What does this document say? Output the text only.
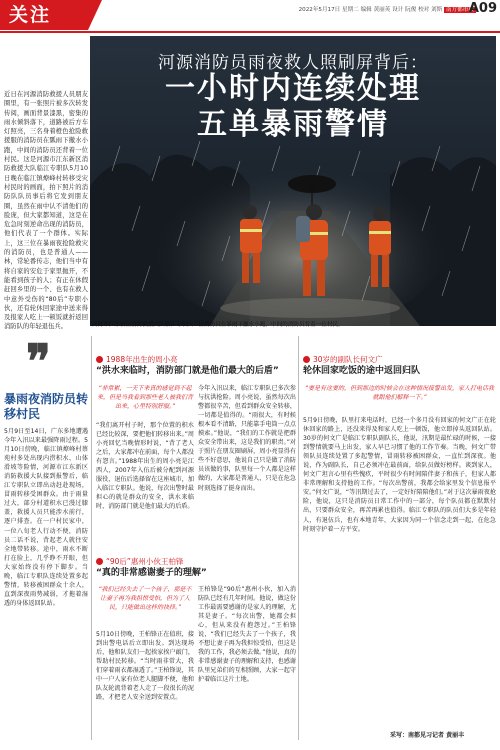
关注	2022年5月17日 星期二 编辑 黄丽英 设计 阮俊 校对 刘斯 南方都市报
A09
近日在河源消防救援人员朋友圈里，有一张照片被多次转发传阅，画面背景漆黑，密集的雨水倾斜落下，道路被后方车灯照亮，三名身着橙色抢险救援服的消防员在瓢雨下撤水小跑，中间的消防员还背着一位村民。这是河源市江东新区消防救援大队临江专职队5月10日晚在临江镇燎峰村转移受灾村民时的画面，拍下照片的消防队队员事后将它发到朋友圈，虽然在雨中认不清他们的脸庞，但大家都知道，这是在危急时刻逆命出现的消防员，他们代表了一个群体。实际上，这三位在暴雨夜抢险救灾的消防员，也是普通人——林，常轮番传志，他们当中有将自家的安危于家里抛开，不能看到孩子的人；有正在休假赶回乡里的一个、也有在救人中意外受伤的“80后”专职小伙，还有轮休回家途中送来得及报家人吃上一顿饭就折返回消防队的年轻退伍兵。
河源消防员雨夜救人照刷屏背后：
一小时内连续处理
五单暴雨警情
河源市江东新区消防救援大队临江专职队三位消防员在暴雨下撤水小跑，中间的消防员背着一位村民。
❞
暴雨夜消防员转移村民
5月9日至14日，广东多地遭遇今年入汛以来最强降雨过程。5月10日傍晚，临江镇燎峰村蔡苑村多处出现内涝积水、山体滑坡等险情，河源市江东新区消防救援大队接到报警后，临江专职队立即出动赶赴现场，冒雨转移受困群众。由于雨量过大，部分村道积水已漫过膝盖，救援人员只能涉水前行，逐户排查。在一户村民家中，一位八旬老人行动不便，消防员二话不说，背起老人就往安全地带转移。途中，雨水不断打在脸上，几乎睁不开眼，但大家始终没有停下脚步。当晚，临江专职队连续处置多起警情，转移被困群众十余人，直到深夜雨势减弱，才拖着湿透的身体返回队站。
1988年出生的周小亮
“洪水来临时，消防部门就是他们最大的后盾”
“非常累，一天下来真的感觉到不起来，但是当我看到那些老人被我们背出来，心里特别舒服。”
“我们离开村子时，那个位置的积水已经比较深，要把他们转移出来。”周小亮回忆当晚情形时说，“背了老人之后，大家都冲在前面，每个人都没有怨言。”1988年出生的周小亮是江西人，2007年入伍后被分配到河源服役，退伍后选择留在这座城市，加入临江专职队。他说，每次出警时最担心的就是群众的安全，洪水来临时，消防部门就是他们最大的后盾。
今年入汛以来，临江专职队已多次参与抗洪抢险。周小亮说，虽然每次出警都很辛苦，但看到群众安全转移，一切都是值得的。“雨很大，有时候根本看不清路，只能靠手电筒一点点摸索。”他说，“我们的工作就是把群众安全带出来，这是我们的职责。”对于照片在朋友圈刷屏，周小亮显得有些不好意思，他说自己只是做了消防员该做的事，队里每一个人都是这样做的，大家都是普通人，只是在危急时刻选择了挺身而出。
“90后”惠州小伙王柏锋
“真的非常感谢妻子的理解”
“我们已经失去了一个孩子，那是不让妻子再为我担惊受怕，但为了人民，只能做出这样的抉择。”
5月10日傍晚，王柏锋正在值班，接到出警电话后立即出发。到达现场后，他和队友们一起挨家挨户敲门，帮助村民转移。“当时雨非常大，我们穿着雨衣都湿透了。”王柏锋说，其中一户人家有位老人腿脚不便，他和队友轮流背着老人走了一段很长的泥路，才把老人安全送到安置点。
王柏锋是“90后”惠州小伙，加入消防队已经有几年时间。他说，做这份工作最需要感谢的是家人的理解，尤其是妻子。“每次出警，她都会担心，但从来没有抱怨过。”王柏锋说，“我们已经失去了一个孩子，我不想让妻子再为我担惊受怕，但这是我的工作，我必须去做。”他说，真的非常感谢妻子的理解和支持，也感谢队里兄弟们的互相照顾，大家一起守护着临江这片土地。
30岁的副队长何文广
轮休回家吃饭的途中返回归队
“要是有这要的，但到那边的时候会在这种情况接警出发，家人打电话我就跟他们解释一下。”
5月9日傍晚，队里打来电话时，已经一个多月没有回家的何文广正在轮休回家的路上，还没来得及和家人吃上一顿饭，他立即掉头返回队站。30岁的何文广是临江专职队副队长，他说，汛期是最忙碌的时候，一接到警情就要马上出发，家人早已习惯了他的工作节奏。当晚，何文广带领队员连续处置了多起警情，冒雨转移被困群众，一直忙到深夜。他说，作为副队长，自己必须冲在最前面，给队员做好榜样。谈到家人，何文广坦言心里有些愧疚，平时很少有时间陪伴妻子和孩子，但家人都非常理解和支持他的工作。“每次出警前，我都会给家里发个信息报平安。”何文广说，“等汛期过去了，一定好好陪陪他们。”对于这次暴雨夜抢险，他说，这只是消防员日常工作中的一部分，每个队员都在默默付出，只要群众安全，再苦再累也值得。临江专职队的队员们大多是年轻人，有退伍兵，也有本地青年，大家因为同一个信念走到一起，在危急时刻守护着一方平安。
采写：南都见习记者 黄丽丰
